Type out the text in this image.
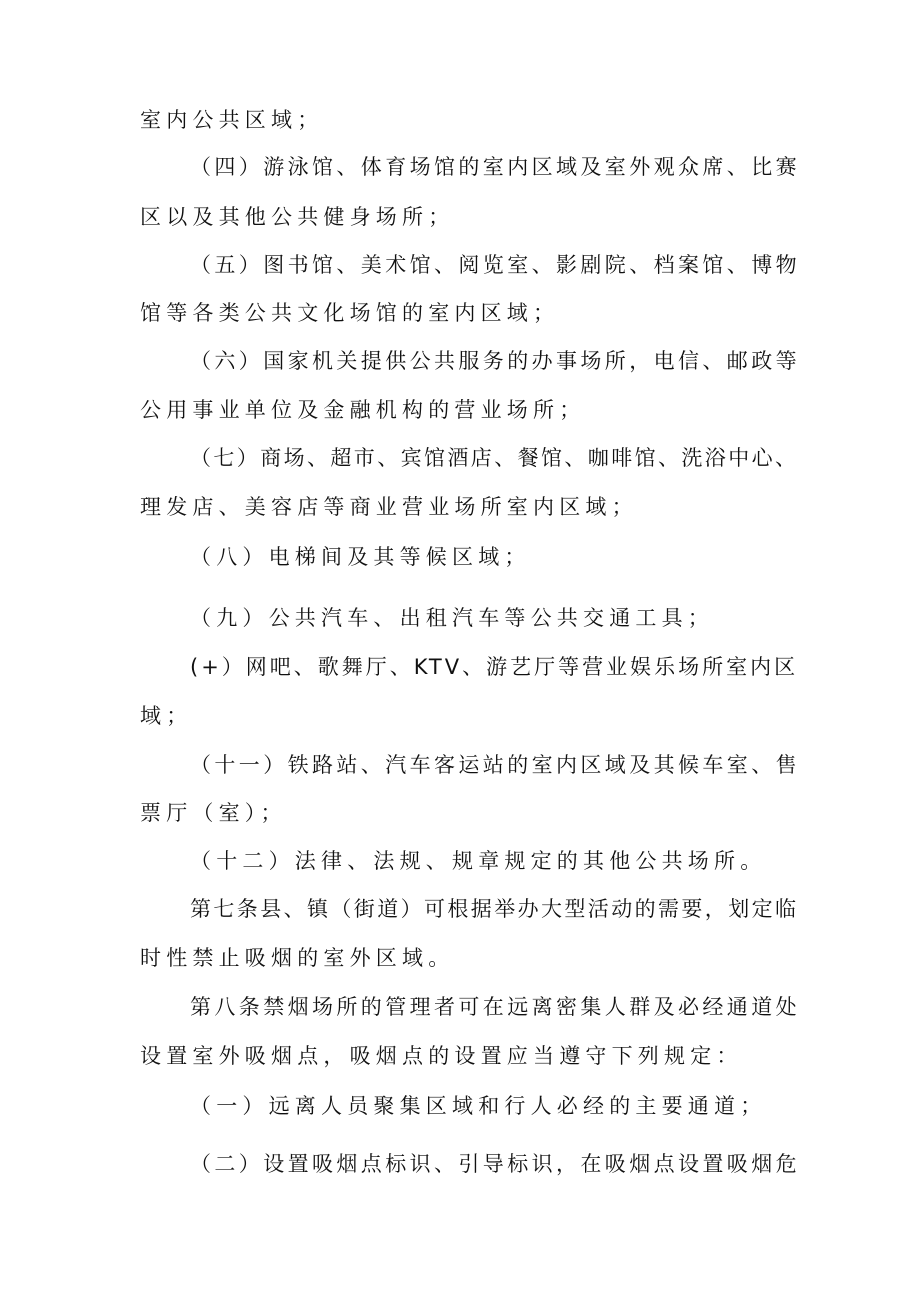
室内公共区域；
（四）游泳馆、体育场馆的室内区域及室外观众席、比赛
区以及其他公共健身场所；
（五）图书馆、美术馆、阅览室、影剧院、档案馆、博物
馆等各类公共文化场馆的室内区域；
（六）国家机关提供公共服务的办事场所，电信、邮政等
公用事业单位及金融机构的营业场所；
（七）商场、超市、宾馆酒店、餐馆、咖啡馆、洗浴中心、
理发店、美容店等商业营业场所室内区域；
（八）电梯间及其等候区域；
（九）公共汽车、出租汽车等公共交通工具；
(+）网吧、歌舞厅、KTV、游艺厅等营业娱乐场所室内区
域；
（十一）铁路站、汽车客运站的室内区域及其候车室、售
票厅（室）；
（十二）法律、法规、规章规定的其他公共场所。
第七条县、镇（街道）可根据举办大型活动的需要，划定临
时性禁止吸烟的室外区域。
第八条禁烟场所的管理者可在远离密集人群及必经通道处
设置室外吸烟点，吸烟点的设置应当遵守下列规定：
（一）远离人员聚集区域和行人必经的主要通道；
（二）设置吸烟点标识、引导标识，在吸烟点设置吸烟危
